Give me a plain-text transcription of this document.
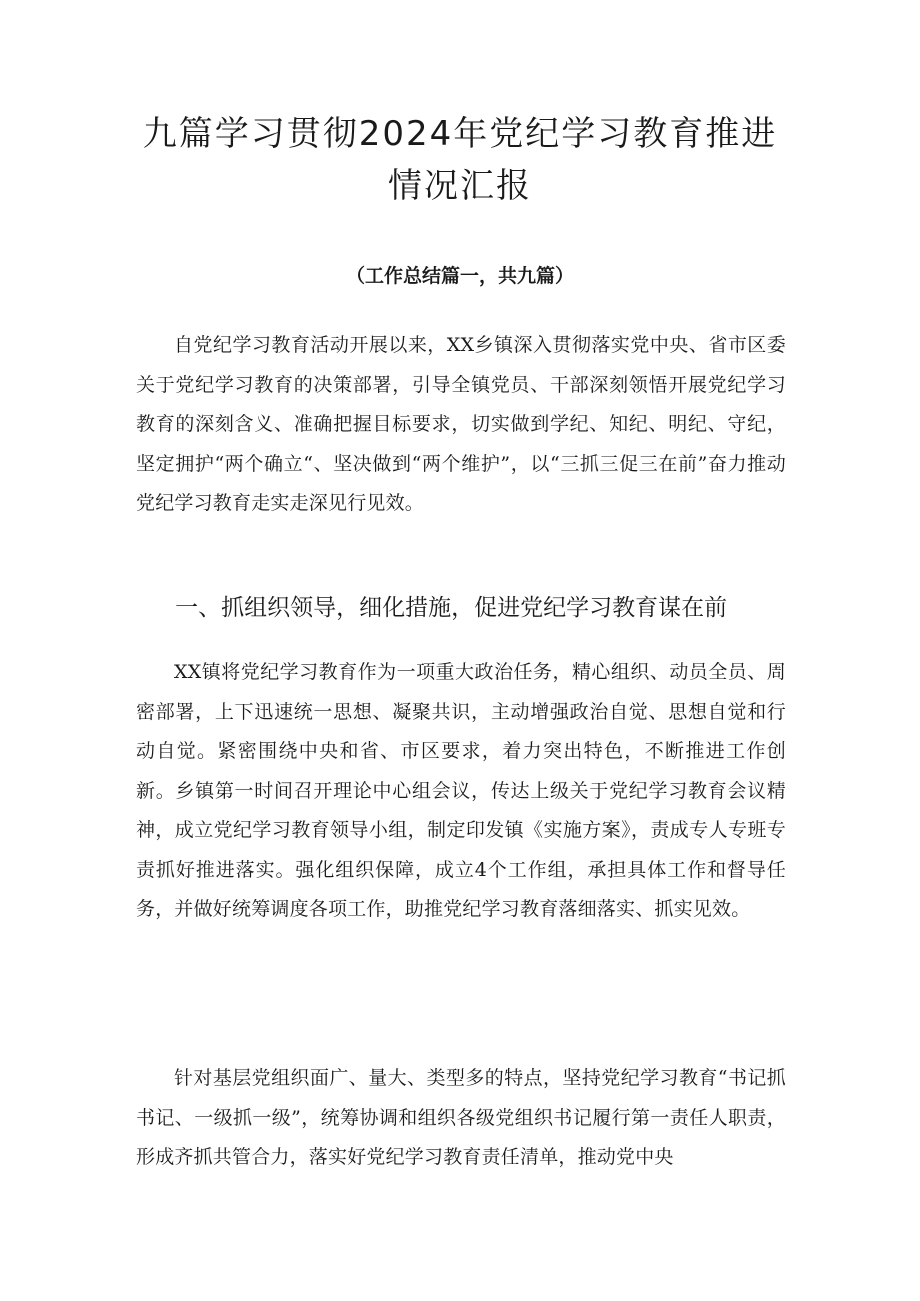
九篇学习贯彻2024年党纪学习教育推进情况汇报

（工作总结篇一，共九篇）

自党纪学习教育活动开展以来，XX乡镇深入贯彻落实党中央、省市区委关于党纪学习教育的决策部署，引导全镇党员、干部深刻领悟开展党纪学习教育的深刻含义、准确把握目标要求，切实做到学纪、知纪、明纪、守纪，坚定拥护“两个确立“、坚决做到“两个维护”，以“三抓三促三在前”奋力推动党纪学习教育走实走深见行见效。

一、抓组织领导，细化措施，促进党纪学习教育谋在前

XX镇将党纪学习教育作为一项重大政治任务，精心组织、动员全员、周密部署，上下迅速统一思想、凝聚共识，主动增强政治自觉、思想自觉和行动自觉。紧密围绕中央和省、市区要求，着力突出特色，不断推进工作创新。乡镇第一时间召开理论中心组会议，传达上级关于党纪学习教育会议精神，成立党纪学习教育领导小组，制定印发镇《实施方案》，责成专人专班专责抓好推进落实。强化组织保障，成立4个工作组，承担具体工作和督导任务，并做好统筹调度各项工作，助推党纪学习教育落细落实、抓实见效。

针对基层党组织面广、量大、类型多的特点，坚持党纪学习教育“书记抓书记、一级抓一级”，统筹协调和组织各级党组织书记履行第一责任人职责，形成齐抓共管合力，落实好党纪学习教育责任清单，推动党中央
